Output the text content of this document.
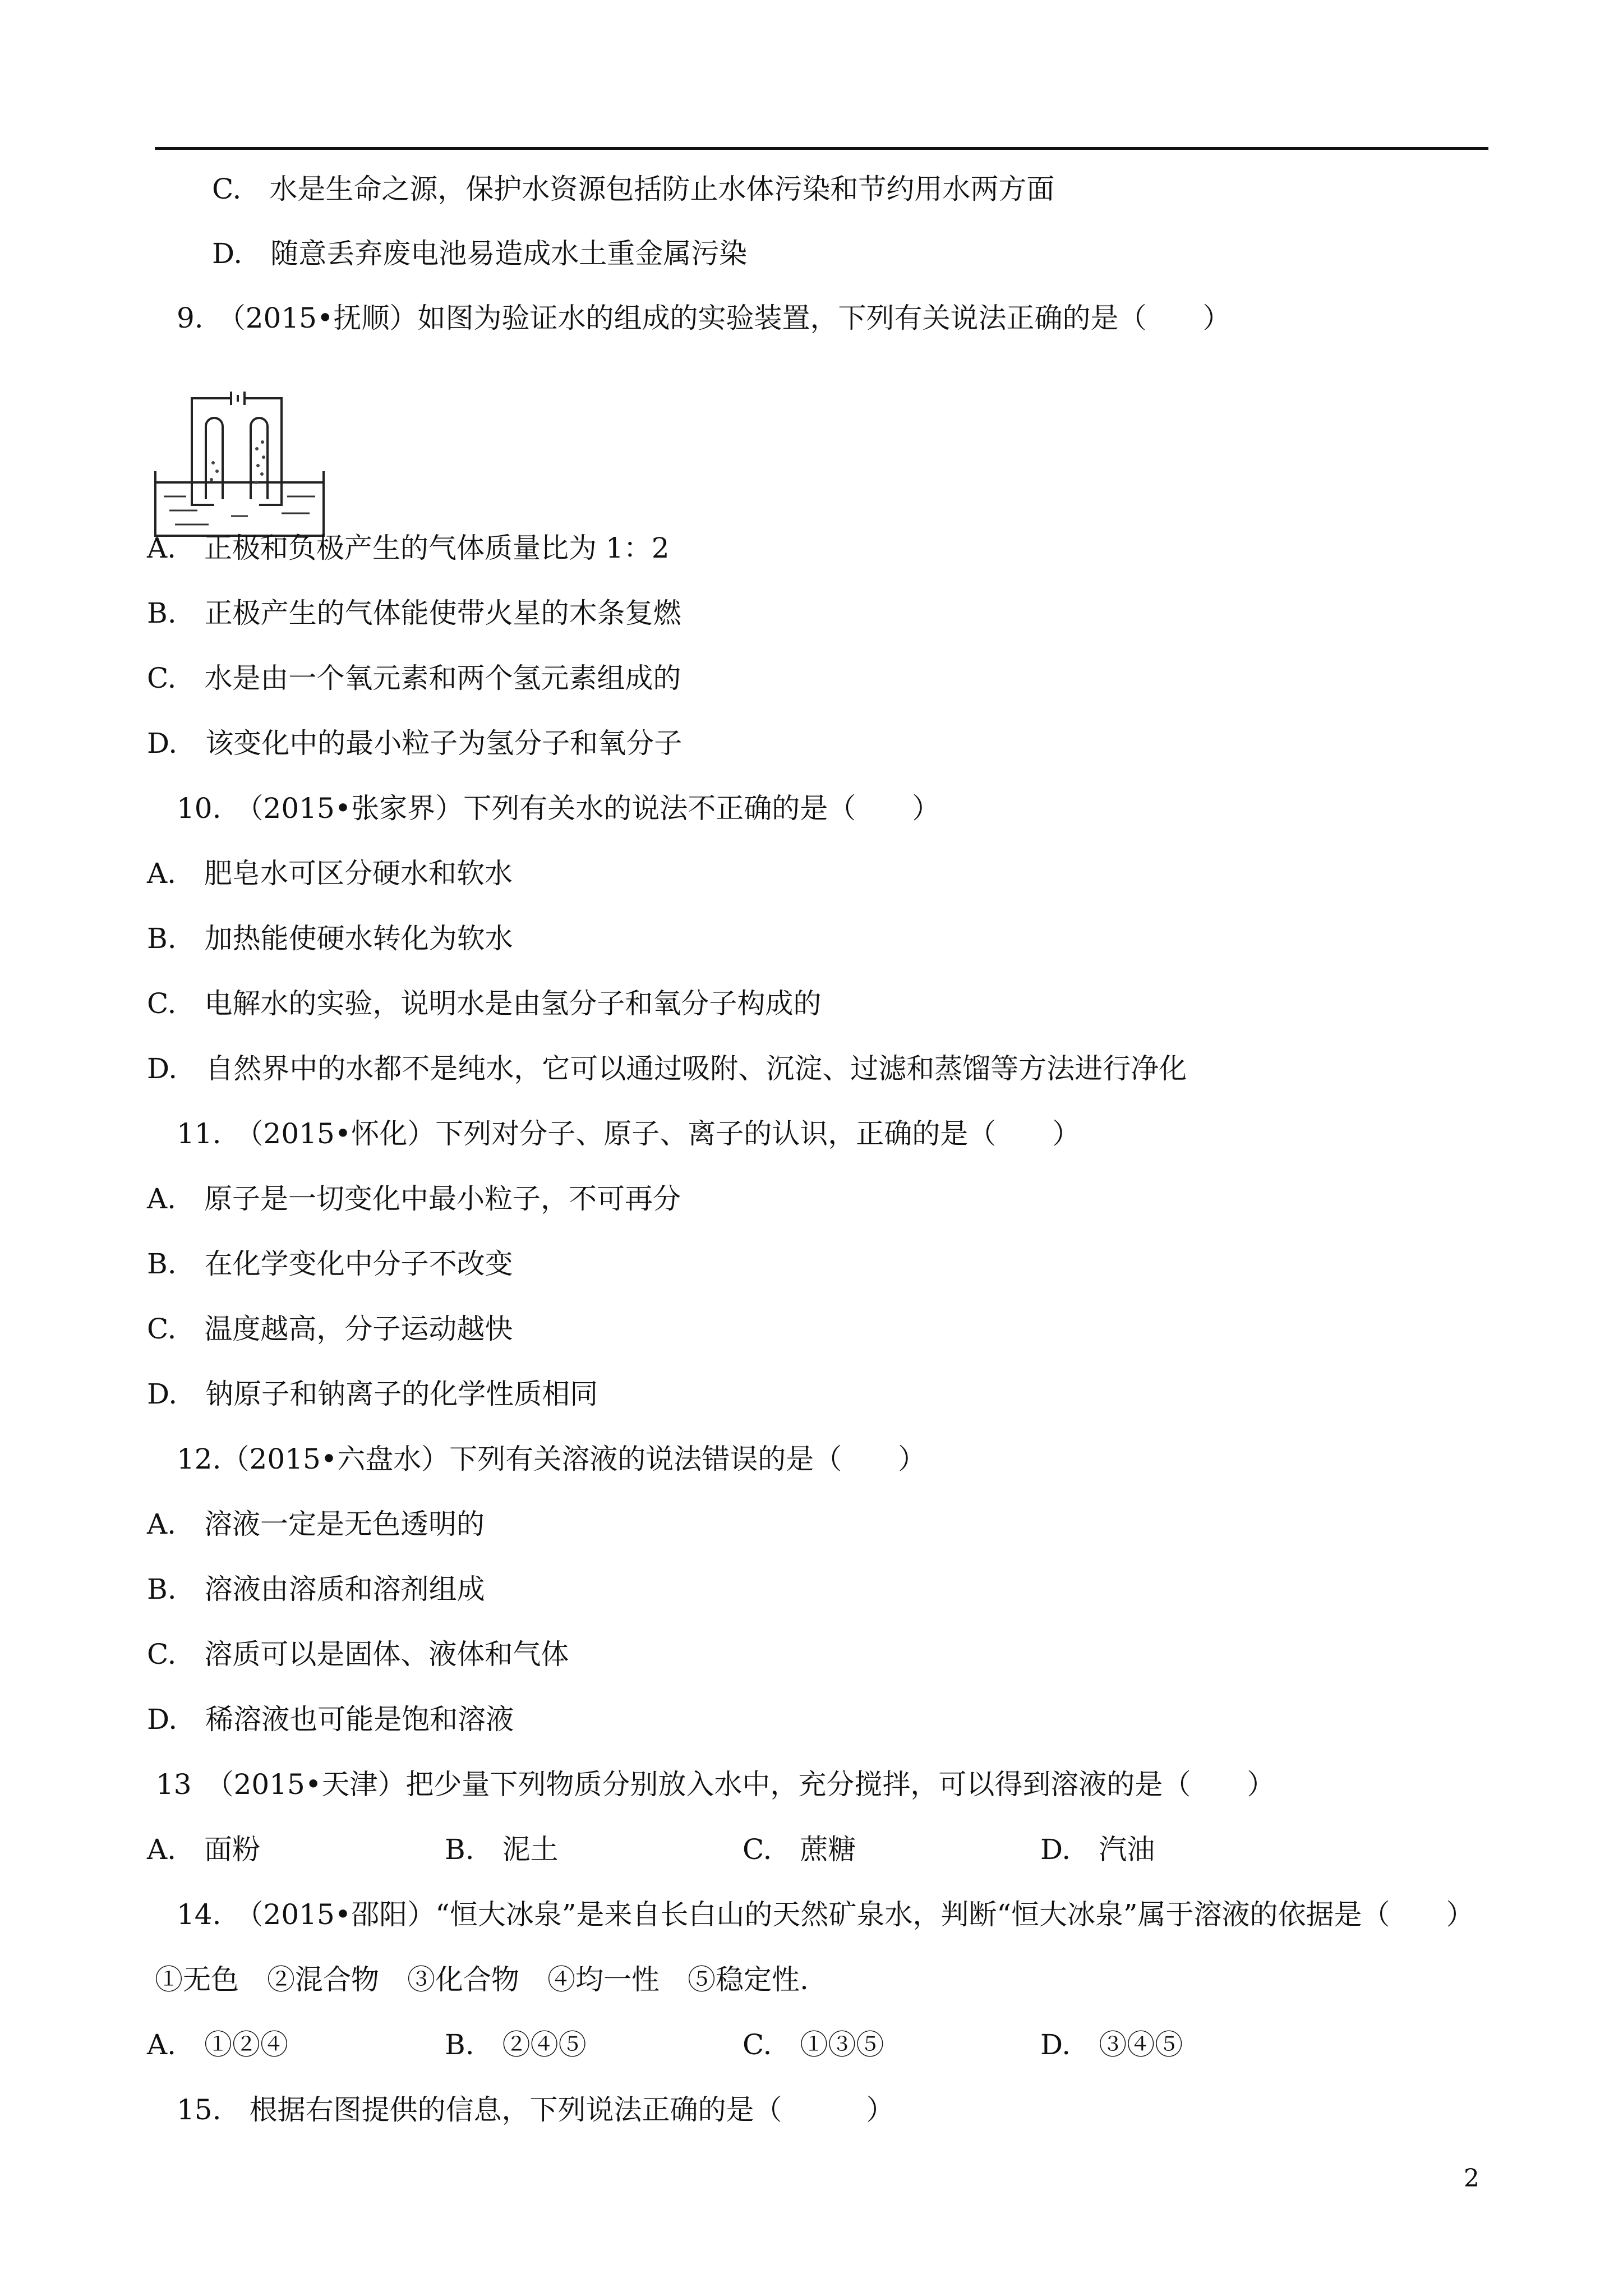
C.　 水是生命之源，保护水资源包括防止水体污染和节约用水两方面
D.　 随意丢弃废电池易造成水土重金属污染
9.　 （2015•抚顺）如图为验证水的组成的实验装置，下列有关说法正确的是（　　）
A.　 正极和负极产生的气体质量比为 1：2
B.　 正极产生的气体能使带火星的木条复燃
C.　 水是由一个氧元素和两个氢元素组成的
D.　 该变化中的最小粒子为氢分子和氧分子
10.　 （2015•张家界）下列有关水的说法不正确的是（　　）
A.　 肥皂水可区分硬水和软水
B.　 加热能使硬水转化为软水
C.　 电解水的实验，说明水是由氢分子和氧分子构成的
D.　 自然界中的水都不是纯水，它可以通过吸附、沉淀、过滤和蒸馏等方法进行净化
11.　 （2015•怀化）下列对分子、原子、离子的认识，正确的是（　　）
A.　 原子是一切变化中最小粒子，不可再分
B.　 在化学变化中分子不改变
C.　 温度越高，分子运动越快
D.　 钠原子和钠离子的化学性质相同
12.（2015•六盘水）下列有关溶液的说法错误的是（　　）
A.　 溶液一定是无色透明的
B.　 溶液由溶质和溶剂组成
C.　 溶质可以是固体、液体和气体
D.　 稀溶液也可能是饱和溶液
13　 （2015•天津）把少量下列物质分别放入水中，充分搅拌，可以得到溶液的是（　　）
A.　 面粉	B.　 泥土	C.　 蔗糖	D.　 汽油
14.　 （2015•邵阳）“恒大冰泉”是来自长白山的天然矿泉水，判断“恒大冰泉”属于溶液的依据是（　　）
①无色　②混合物　③化合物　④均一性　⑤稳定性.
A.　 ①②④	B.　 ②④⑤	C.　 ①③⑤	D.　 ③④⑤
15.　 根据右图提供的信息，下列说法正确的是（　　　）
2
